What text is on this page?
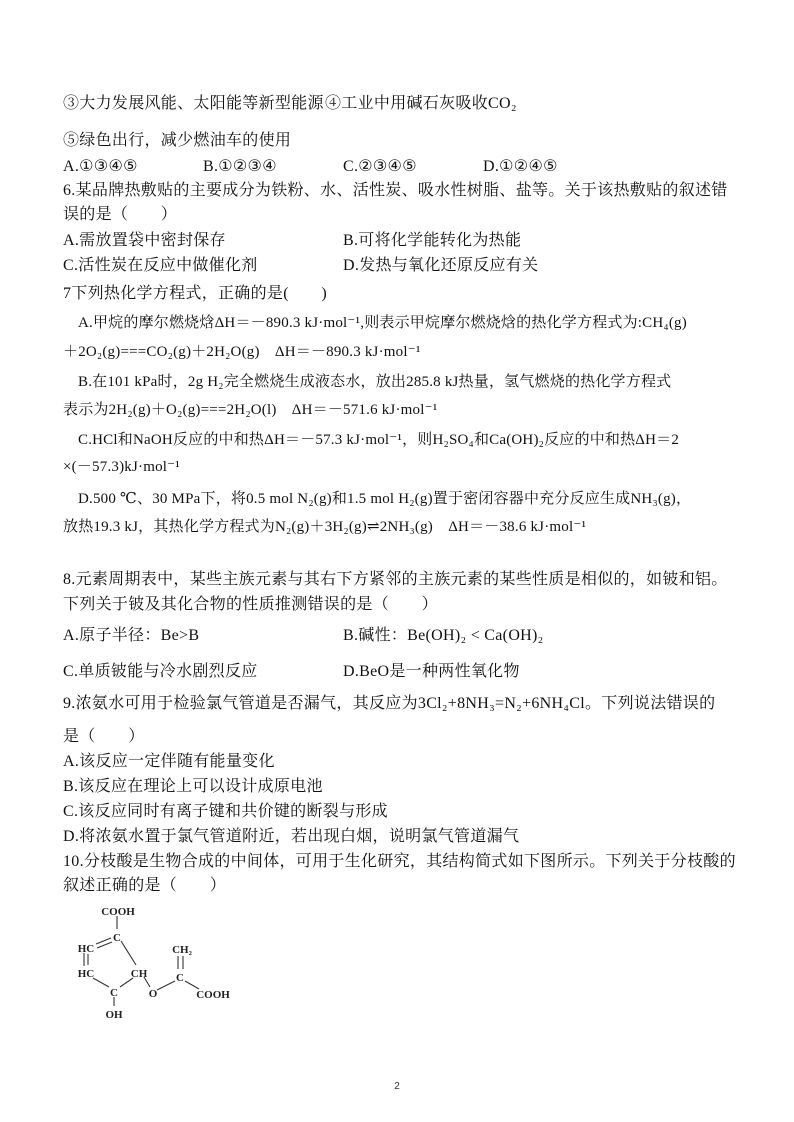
③大力发展风能、太阳能等新型能源 ④工业中用碱石灰吸收CO₂
⑤绿色出行，减少燃油车的使用
A.①③④⑤	B.①②③④	C.②③④⑤	D.①②④⑤
6.某品牌热敷贴的主要成分为铁粉、水、活性炭、吸水性树脂、盐等。关于该热敷贴的叙述错
误的是（　　）
A.需放置袋中密封保存	B.可将化学能转化为热能
C.活性炭在反应中做催化剂	D.发热与氧化还原反应有关
7下列热化学方程式，正确的是(　　)
A.甲烷的摩尔燃烧焓ΔH＝－890.3 kJ·mol⁻¹,则表示甲烷摩尔燃烧焓的热化学方程式为:CH₄(g)
＋2O₂(g)===CO₂(g)＋2H₂O(g)　ΔH＝－890.3 kJ·mol⁻¹
B.在101 kPa时，2g H₂完全燃烧生成液态水，放出285.8 kJ热量，氢气燃烧的热化学方程式
表示为2H₂(g)＋O₂(g)===2H₂O(l)　ΔH＝－571.6 kJ·mol⁻¹
C.HCl和NaOH反应的中和热ΔH＝－57.3 kJ·mol⁻¹，则H₂SO₄和Ca(OH)₂反应的中和热ΔH＝2
×(－57.3)kJ·mol⁻¹
D.500 ℃、30 MPa下，将0.5 mol N₂(g)和1.5 mol H₂(g)置于密闭容器中充分反应生成NH₃(g)，
放热19.3 kJ，其热化学方程式为N₂(g)＋3H₂(g)⇌2NH₃(g)　ΔH＝－38.6 kJ·mol⁻¹
8.元素周期表中，某些主族元素与其右下方紧邻的主族元素的某些性质是相似的，如铍和铝。
下列关于铍及其化合物的性质推测错误的是（　　）
A.原子半径：Be>B	B.碱性：Be(OH)₂ < Ca(OH)₂
C.单质铍能与冷水剧烈反应	D.BeO是一种两性氧化物
9.浓氨水可用于检验氯气管道是否漏气，其反应为3Cl₂+8NH₃=N₂+6NH₄Cl。下列说法错误的
是（　　）
A.该反应一定伴随有能量变化
B.该反应在理论上可以设计成原电池
C.该反应同时有离子键和共价键的断裂与形成
D.将浓氨水置于氯气管道附近，若出现白烟，说明氯气管道漏气
10.分枝酸是生物合成的中间体，可用于生化研究，其结构简式如下图所示。下列关于分枝酸的
叙述正确的是（　　）
COOH
C
HC
HC	CH
C
OH
O
C
CH₂
COOH
2
